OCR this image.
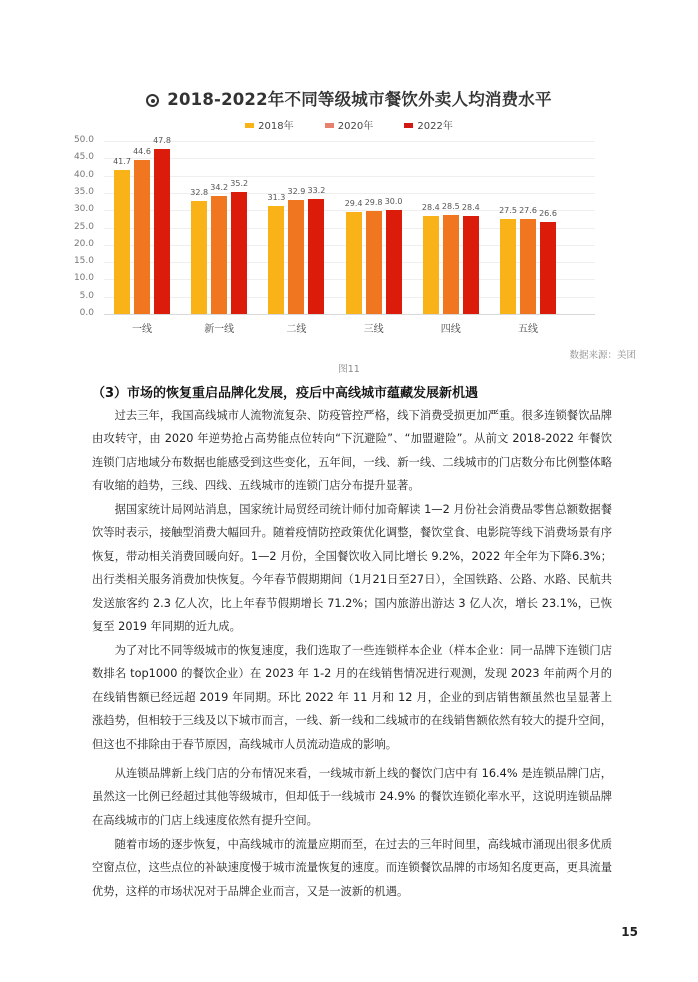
2018-2022年不同等级城市餐饮外卖人均消费水平
2018年	2020年	2022年
0.0
5.0
10.0
15.0
20.0
25.0
30.0
35.0
40.0
45.0
50.0
41.7
44.6
47.8
一线
32.8
34.2 35.2
新一线
31.3
32.9 33.2
二线
29.4 29.8 30.0
三线
28.4 28.5 28.4
四线
27.5 27.6 26.6
五线
数据来源：美团
图11
（3）市场的恢复重启品牌化发展，疫后中高线城市蕴藏发展新机遇
过去三年，我国高线城市人流物流复杂、防疫管控严格，线下消费受损更加严重。很多连锁餐饮品牌由攻转守，由 2020 年逆势抢占高势能点位转向“下沉避险”、“加盟避险”。从前文 2018-2022 年餐饮连锁门店地域分布数据也能感受到这些变化，五年间，一线、新一线、二线城市的门店数分布比例整体略有收缩的趋势，三线、四线、五线城市的连锁门店分布提升显著。
据国家统计局网站消息，国家统计局贸经司统计师付加奇解读 1—2 月份社会消费品零售总额数据餐饮等时表示，接触型消费大幅回升。随着疫情防控政策优化调整，餐饮堂食、电影院等线下消费场景有序恢复，带动相关消费回暖向好。1—2 月份，全国餐饮收入同比增长 9.2%，2022 年全年为下降6.3%；出行类相关服务消费加快恢复。今年春节假期期间（1月21日至27日），全国铁路、公路、水路、民航共发送旅客约 2.3 亿人次，比上年春节假期增长 71.2%；国内旅游出游达 3 亿人次，增长 23.1%，已恢复至 2019 年同期的近九成。
为了对比不同等级城市的恢复速度，我们选取了一些连锁样本企业（样本企业：同一品牌下连锁门店数排名 top1000 的餐饮企业）在 2023 年 1-2 月的在线销售情况进行观测，发现 2023 年前两个月的在线销售额已经远超 2019 年同期。环比 2022 年 11 月和 12 月，企业的到店销售额虽然也呈显著上涨趋势，但相较于三线及以下城市而言，一线、新一线和二线城市的在线销售额依然有较大的提升空间，但这也不排除由于春节原因，高线城市人员流动造成的影响。
从连锁品牌新上线门店的分布情况来看，一线城市新上线的餐饮门店中有 16.4% 是连锁品牌门店，虽然这一比例已经超过其他等级城市，但却低于一线城市 24.9% 的餐饮连锁化率水平，这说明连锁品牌在高线城市的门店上线速度依然有提升空间。
随着市场的逐步恢复，中高线城市的流量应期而至，在过去的三年时间里，高线城市涌现出很多优质空窗点位，这些点位的补缺速度慢于城市流量恢复的速度。而连锁餐饮品牌的市场知名度更高，更具流量优势，这样的市场状况对于品牌企业而言，又是一波新的机遇。
15
